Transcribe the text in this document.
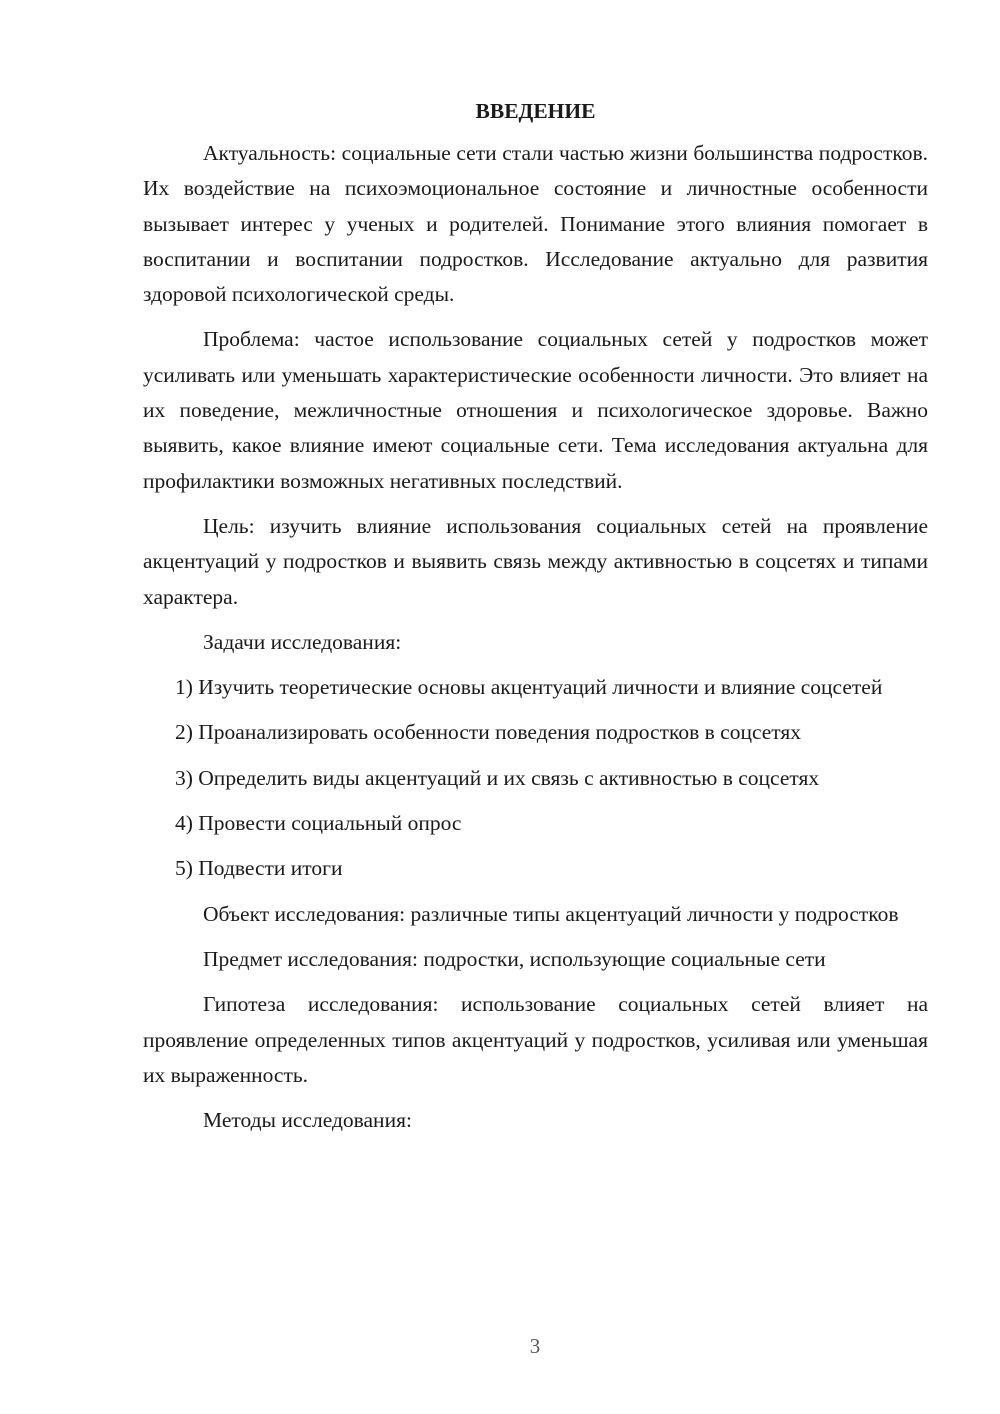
ВВЕДЕНИЕ

Актуальность: социальные сети стали частью жизни большинства подростков. Их воздействие на психоэмоциональное состояние и личностные особенности вызывает интерес у ученых и родителей. Понимание этого влияния помогает в воспитании и воспитании подростков. Исследование актуально для развития здоровой психологической среды.

Проблема: частое использование социальных сетей у подростков может усиливать или уменьшать характеристические особенности личности. Это влияет на их поведение, межличностные отношения и психологическое здоровье. Важно выявить, какое влияние имеют социальные сети. Тема исследования актуальна для профилактики возможных негативных последствий.

Цель: изучить влияние использования социальных сетей на проявление акцентуаций у подростков и выявить связь между активностью в соцсетях и типами характера.

Задачи исследования:

1) Изучить теоретические основы акцентуаций личности и влияние соцсетей

2) Проанализировать особенности поведения подростков в соцсетях

3) Определить виды акцентуаций и их связь с активностью в соцсетях

4) Провести социальный опрос

5) Подвести итоги

Объект исследования: различные типы акцентуаций личности у подростков

Предмет исследования: подростки, использующие социальные сети

Гипотеза исследования: использование социальных сетей влияет на проявление определенных типов акцентуаций у подростков, усиливая или уменьшая их выраженность.

Методы исследования:

3
